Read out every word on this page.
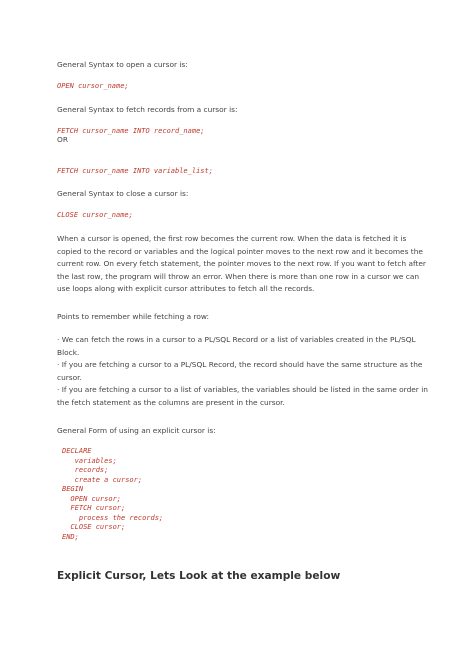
General Syntax to open a cursor is:
OPEN cursor_name;
General Syntax to fetch records from a cursor is:
FETCH cursor_name INTO record_name;
OR
FETCH cursor_name INTO variable_list;
General Syntax to close a cursor is:
CLOSE cursor_name;
When a cursor is opened, the first row becomes the current row. When the data is fetched it is copied to the record or variables and the logical pointer moves to the next row and it becomes the current row. On every fetch statement, the pointer moves to the next row. If you want to fetch after the last row, the program will throw an error. When there is more than one row in a cursor we can use loops along with explicit cursor attributes to fetch all the records.
Points to remember while fetching a row:
· We can fetch the rows in a cursor to a PL/SQL Record or a list of variables created in the PL/SQL Block.
· If you are fetching a cursor to a PL/SQL Record, the record should have the same structure as the cursor.
· If you are fetching a cursor to a list of variables, the variables should be listed in the same order in the fetch statement as the columns are present in the cursor.
General Form of using an explicit cursor is:
DECLARE
variables;
records;
create a cursor;
BEGIN
OPEN cursor;
FETCH cursor;
process the records;
CLOSE cursor;
END;
Explicit Cursor, Lets Look at the example below
